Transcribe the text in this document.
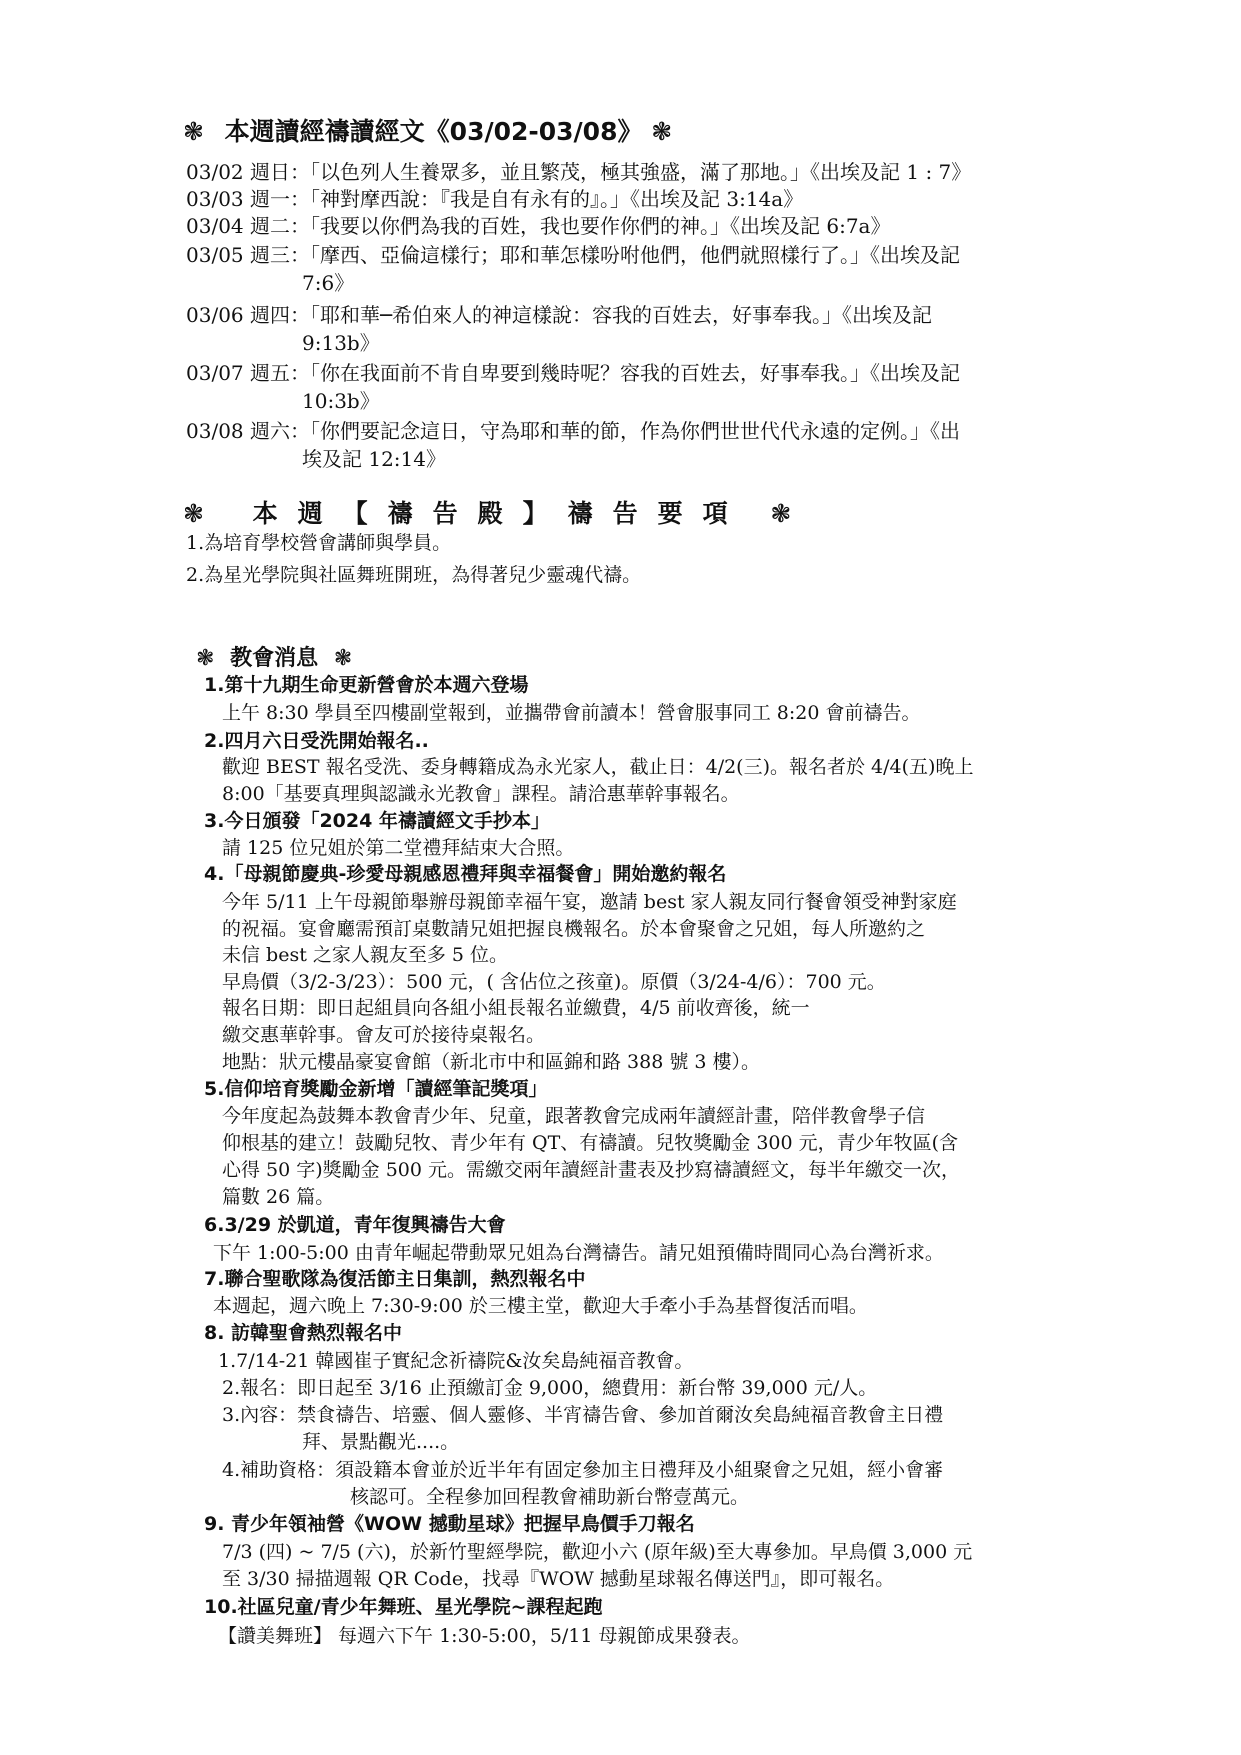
❃ 本週讀經禱讀經文《03/02-03/08》 ❃
03/02 週日：「以色列人生養眾多，並且繁茂，極其強盛，滿了那地。」《出埃及記 1 : 7》
03/03 週一：「神對摩西說：『我是自有永有的』。」《出埃及記 3:14a》
03/04 週二：「我要以你們為我的百姓，我也要作你們的神。」《出埃及記 6:7a》
03/05 週三：「摩西、亞倫這樣行；耶和華怎樣吩咐他們，他們就照樣行了。」《出埃及記
7:6》
03/06 週四：「耶和華─希伯來人的神這樣說：容我的百姓去，好事奉我。」《出埃及記
9:13b》
03/07 週五：「你在我面前不肯自卑要到幾時呢？容我的百姓去，好事奉我。」《出埃及記
10:3b》
03/08 週六：「你們要記念這日，守為耶和華的節，作為你們世世代代永遠的定例。」《出
埃及記 12:14》
❃ 本週【禱告殿】禱告要項 ❃
1.為培育學校營會講師與學員。
2.為星光學院與社區舞班開班，為得著兒少靈魂代禱。
❃ 教會消息 ❃
1.第十九期生命更新營會於本週六登場
上午 8:30 學員至四樓副堂報到，並攜帶會前讀本！營會服事同工 8:20 會前禱告。
2.四月六日受洗開始報名..
歡迎 BEST 報名受洗、委身轉籍成為永光家人，截止日：4/2(三)。報名者於 4/4(五)晚上
8:00「基要真理與認識永光教會」課程。請洽惠華幹事報名。
3.今日頒發「2024 年禱讀經文手抄本」
請 125 位兄姐於第二堂禮拜結束大合照。
4.「母親節慶典-珍愛母親感恩禮拜與幸福餐會」開始邀約報名
今年 5/11 上午母親節舉辦母親節幸福午宴，邀請 best 家人親友同行餐會領受神對家庭
的祝福。宴會廳需預訂桌數請兄姐把握良機報名。於本會聚會之兄姐，每人所邀約之
未信 best 之家人親友至多 5 位。
早鳥價（3/2-3/23）：500 元，( 含佔位之孩童)。原價（3/24-4/6）：700 元。
報名日期：即日起組員向各組小組長報名並繳費，4/5 前收齊後，統一
繳交惠華幹事。會友可於接待桌報名。
地點：狀元樓晶豪宴會館（新北市中和區錦和路 388 號 3 樓）。
5.信仰培育獎勵金新增「讀經筆記獎項」
今年度起為鼓舞本教會青少年、兒童，跟著教會完成兩年讀經計畫，陪伴教會學子信
仰根基的建立！鼓勵兒牧、青少年有 QT、有禱讀。兒牧獎勵金 300 元，青少年牧區(含
心得 50 字)獎勵金 500 元。需繳交兩年讀經計畫表及抄寫禱讀經文，每半年繳交一次，
篇數 26 篇。
6.3/29 於凱道，青年復興禱告大會
下午 1:00-5:00 由青年崛起帶動眾兄姐為台灣禱告。請兄姐預備時間同心為台灣祈求。
7.聯合聖歌隊為復活節主日集訓，熱烈報名中
本週起，週六晚上 7:30-9:00 於三樓主堂，歡迎大手牽小手為基督復活而唱。
8. 訪韓聖會熱烈報名中
1.7/14-21 韓國崔子實紀念祈禱院&汝矣島純福音教會。
2.報名：即日起至 3/16 止預繳訂金 9,000，總費用：新台幣 39,000 元/人。
3.內容：禁食禱告、培靈、個人靈修、半宵禱告會、參加首爾汝矣島純福音教會主日禮
拜、景點觀光....。
4.補助資格：須設籍本會並於近半年有固定參加主日禮拜及小組聚會之兄姐，經小會審
核認可。全程參加回程教會補助新台幣壹萬元。
9. 青少年領袖營《WOW 撼動星球》把握早鳥價手刀報名
7/3 (四) ~ 7/5 (六)，於新竹聖經學院，歡迎小六 (原年級)至大專參加。早鳥價 3,000 元
至 3/30 掃描週報 QR Code，找尋『WOW 撼動星球報名傳送門』，即可報名。
10.社區兒童/青少年舞班、星光學院~課程起跑
【讚美舞班】 每週六下午 1:30-5:00，5/11 母親節成果發表。
